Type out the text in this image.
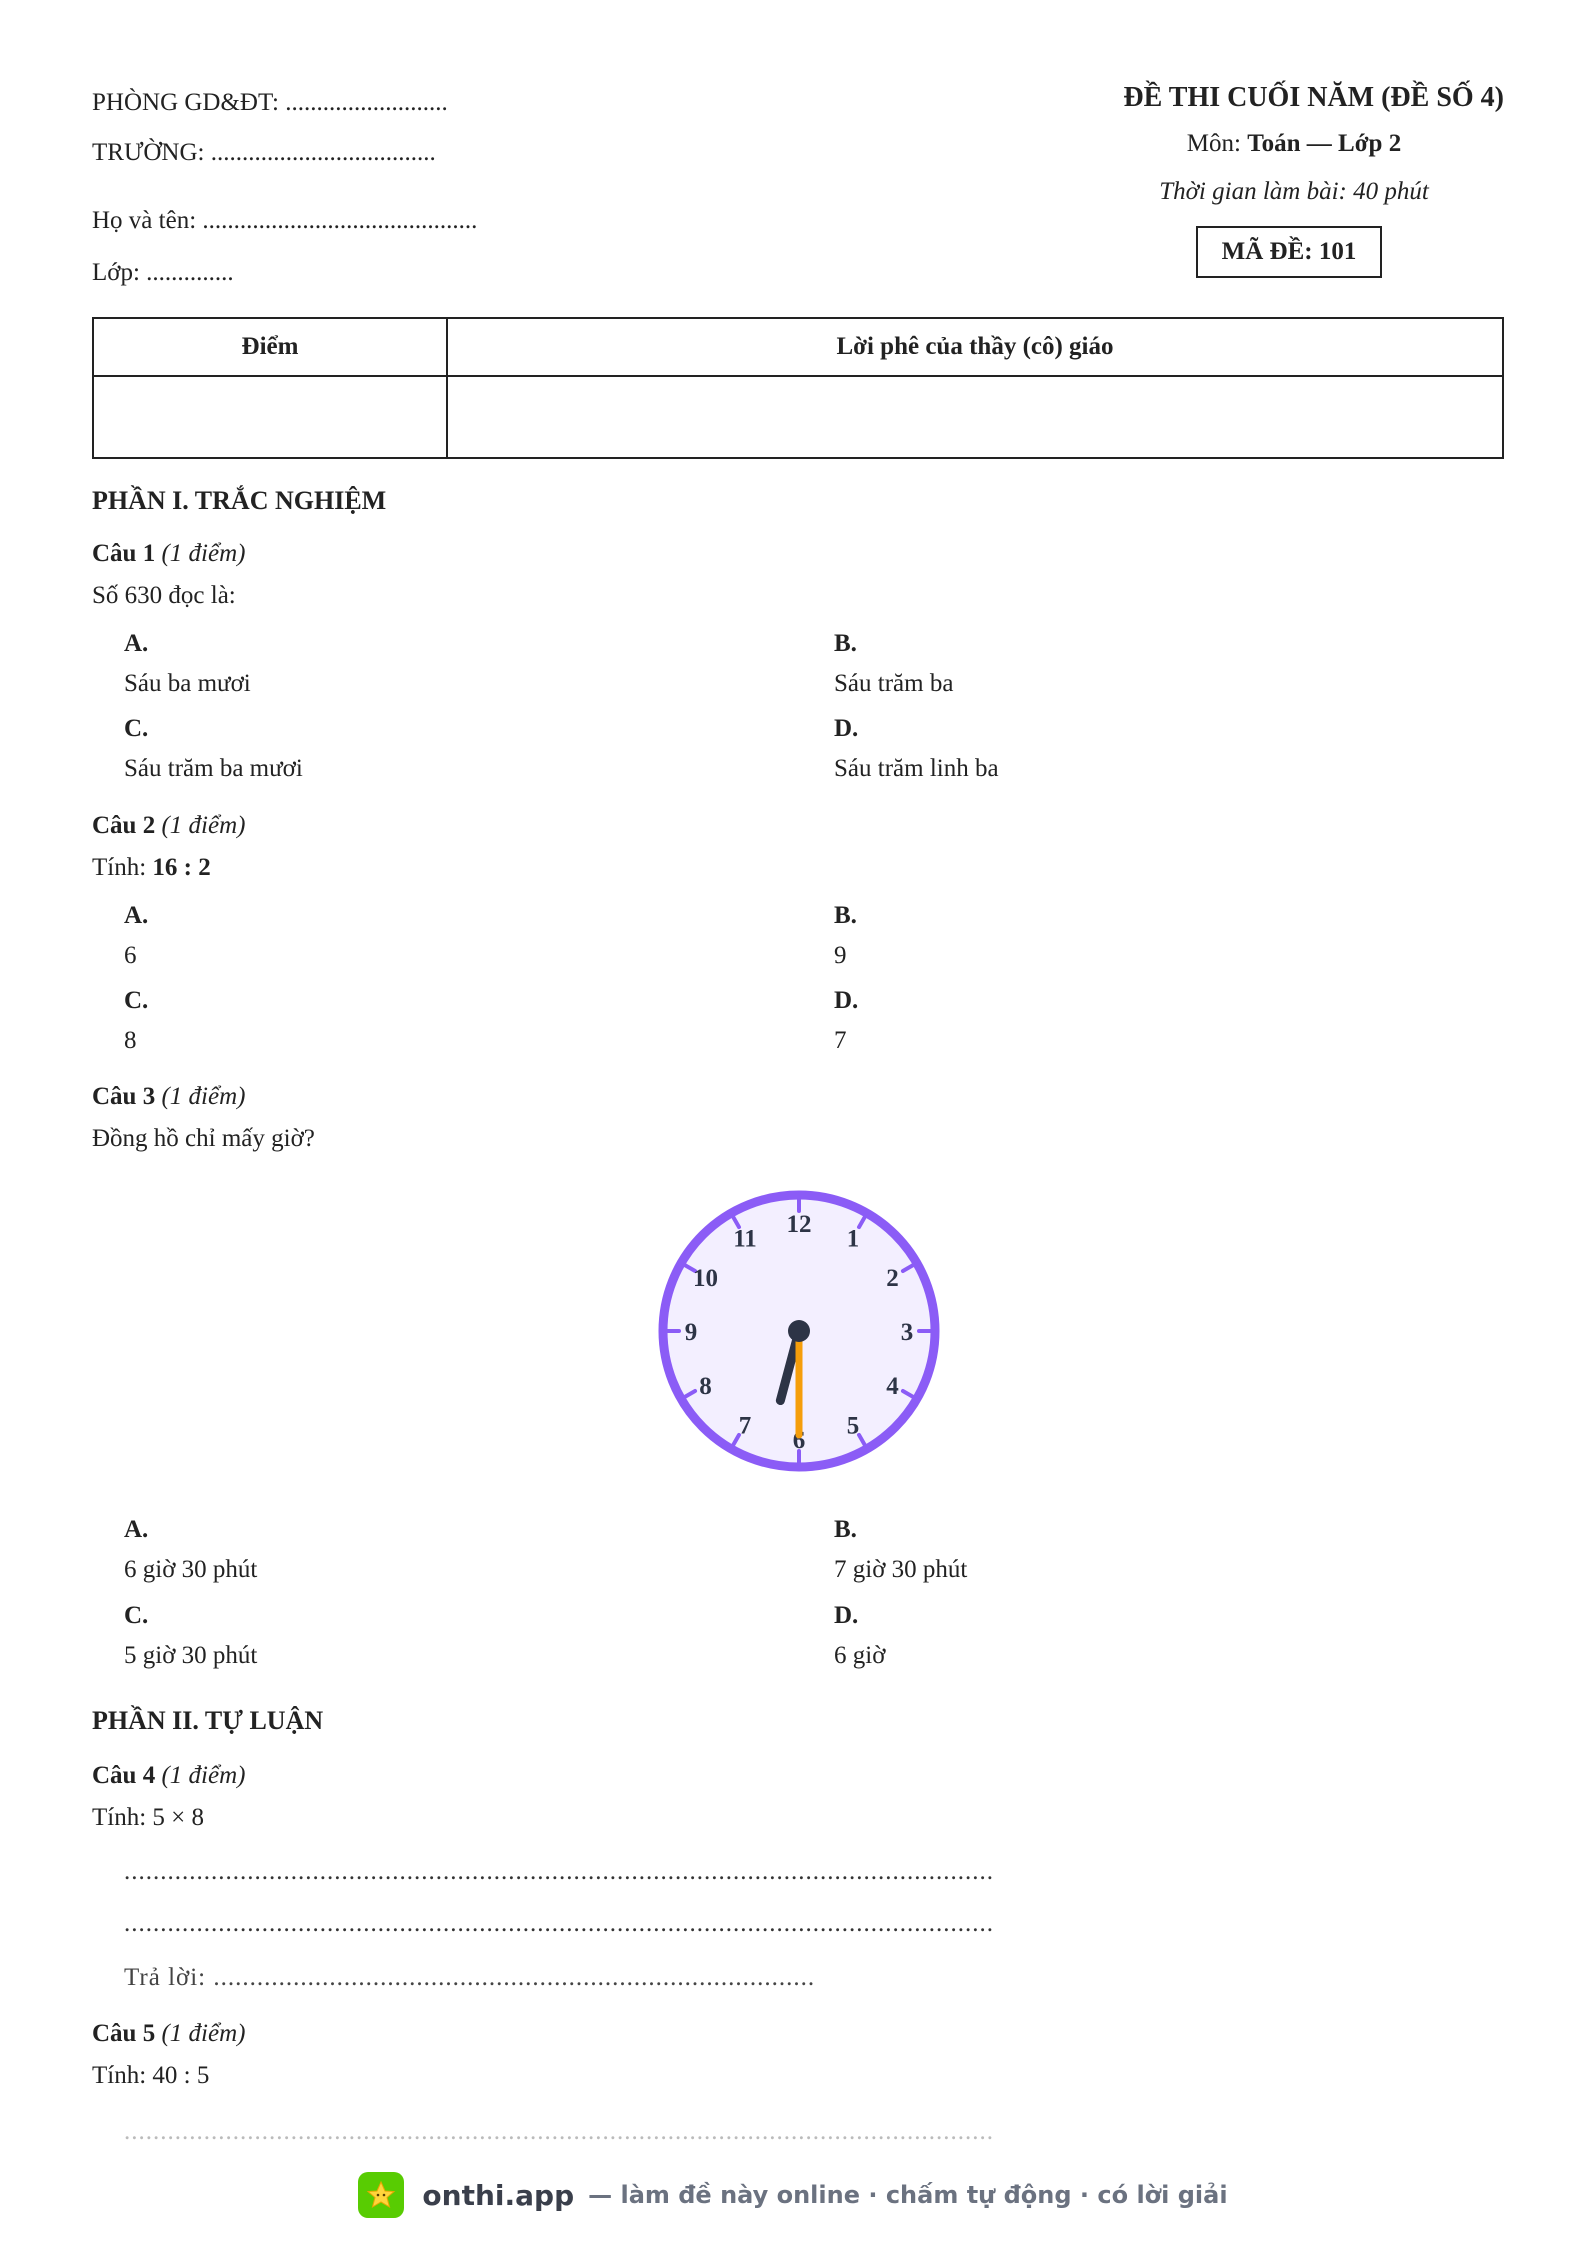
PHÒNG GD&ĐT: ..........................
TRƯỜNG: ....................................
Họ và tên: ............................................
Lớp: ..............
ĐỀ THI CUỐI NĂM (ĐỀ SỐ 4)
Môn: Toán — Lớp 2
Thời gian làm bài: 40 phút
MÃ ĐỀ: 101
Điểm	Lời phê của thầy (cô) giáo

PHẦN I. TRẮC NGHIỆM
Câu 1 (1 điểm)
Số 630 đọc là:
A.
Sáu ba mươi
B.
Sáu trăm ba
C.
Sáu trăm ba mươi
D.
Sáu trăm linh ba
Câu 2 (1 điểm)
Tính: 16 : 2
A.
6
B.
9
C.
8
D.
7
Câu 3 (1 điểm)
Đồng hồ chỉ mấy giờ?
12
1
2
3
4
5
6
7
8
9
10
11
A.
6 giờ 30 phút
B.
7 giờ 30 phút
C.
5 giờ 30 phút
D.
6 giờ
PHẦN II. TỰ LUẬN
Câu 4 (1 điểm)
Tính: 5 × 8
........................................................................................................................
........................................................................................................................
Trả lời: ...................................................................................
Câu 5 (1 điểm)
Tính: 40 : 5
........................................................................................................................
onthi.app — làm đề này online · chấm tự động · có lời giải
